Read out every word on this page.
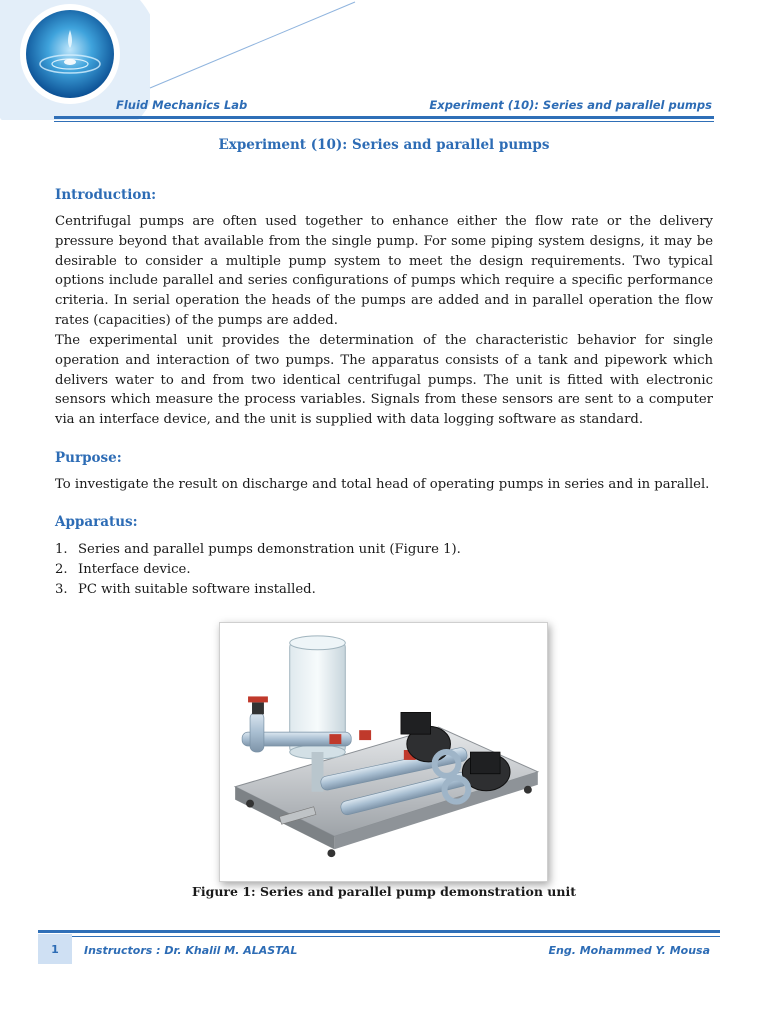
Fluid Mechanics Lab	Experiment (10): Series and parallel pumps
Experiment (10): Series and parallel pumps
Introduction:
Centrifugal pumps are often used together to enhance either the flow rate or the delivery pressure beyond that available from the single pump. For some piping system designs, it may be desirable to consider a multiple pump system to meet the design requirements. Two typical options include parallel and series configurations of pumps which require a specific performance criteria. In serial operation the heads of the pumps are added and in parallel operation the flow rates (capacities) of the pumps are added.
The experimental unit provides the determination of the characteristic behavior for single operation and interaction of two pumps. The apparatus consists of a tank and pipework which delivers water to and from two identical centrifugal pumps. The unit is fitted with electronic sensors which measure the process variables. Signals from these sensors are sent to a computer via an interface device, and the unit is supplied with data logging software as standard.
Purpose:
To investigate the result on discharge and total head of operating pumps in series and in parallel.
Apparatus:
1. Series and parallel pumps demonstration unit (Figure 1).
2. Interface device.
3. PC with suitable software installed.
Figure 1: Series and parallel pump demonstration unit
1	Instructors : Dr. Khalil M. ALASTAL	Eng. Mohammed Y. Mousa
